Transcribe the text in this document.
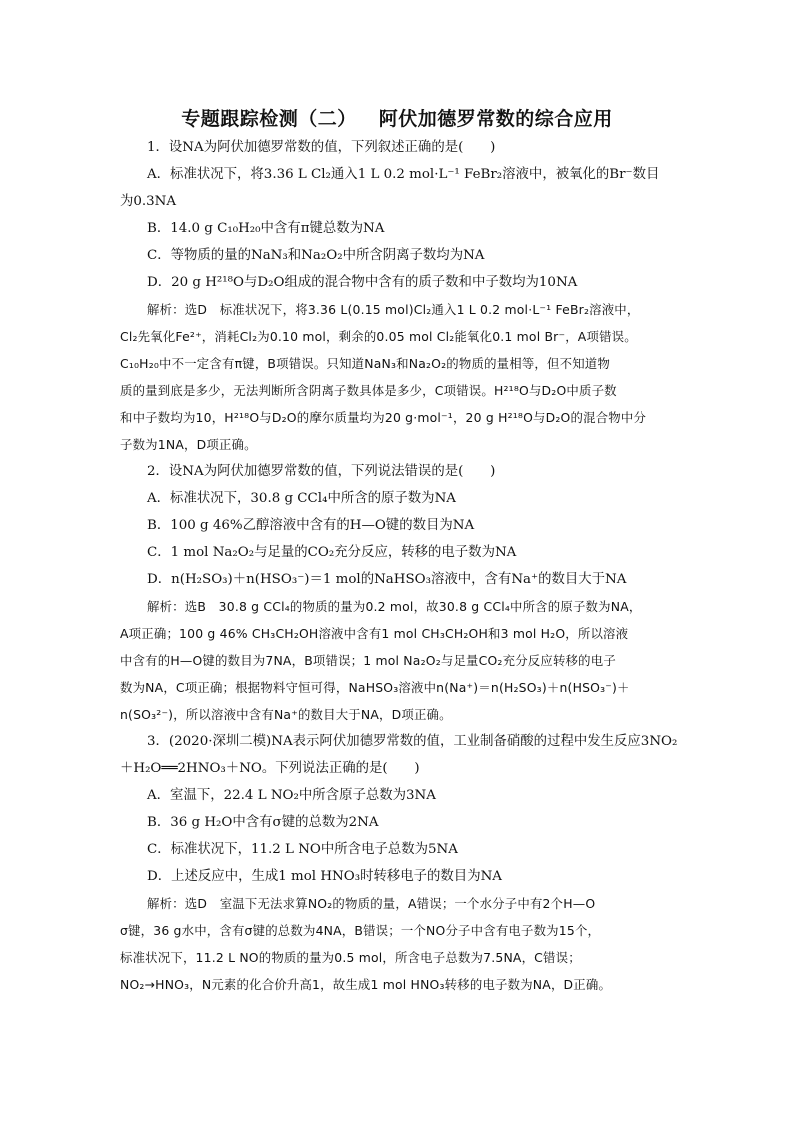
专题跟踪检测（二） 阿伏加德罗常数的综合应用
1．设NA为阿伏加德罗常数的值，下列叙述正确的是(　　)
A．标准状况下，将3.36 L Cl₂通入1 L 0.2 mol·L⁻¹ FeBr₂溶液中，被氧化的Br⁻数目
为0.3NA
B．14.0 g C₁₀H₂₀中含有π键总数为NA
C．等物质的量的NaN₃和Na₂O₂中所含阴离子数均为NA
D．20 g H²¹⁸O与D₂O组成的混合物中含有的质子数和中子数均为10NA
解析：选D　标准状况下，将3.36 L(0.15 mol)Cl₂通入1 L 0.2 mol·L⁻¹ FeBr₂溶液中，
Cl₂先氧化Fe²⁺，消耗Cl₂为0.10 mol，剩余的0.05 mol Cl₂能氧化0.1 mol Br⁻，A项错误。
C₁₀H₂₀中不一定含有π键，B项错误。只知道NaN₃和Na₂O₂的物质的量相等，但不知道物
质的量到底是多少，无法判断所含阴离子数具体是多少，C项错误。H²¹⁸O与D₂O中质子数
和中子数均为10，H²¹⁸O与D₂O的摩尔质量均为20 g·mol⁻¹，20 g H²¹⁸O与D₂O的混合物中分
子数为1NA，D项正确。
2．设NA为阿伏加德罗常数的值，下列说法错误的是(　　)
A．标准状况下，30.8 g CCl₄中所含的原子数为NA
B．100 g 46%乙醇溶液中含有的H—O键的数目为NA
C．1 mol Na₂O₂与足量的CO₂充分反应，转移的电子数为NA
D．n(H₂SO₃)＋n(HSO₃⁻)＝1 mol的NaHSO₃溶液中，含有Na⁺的数目大于NA
解析：选B　30.8 g CCl₄的物质的量为0.2 mol，故30.8 g CCl₄中所含的原子数为NA，
A项正确；100 g 46% CH₃CH₂OH溶液中含有1 mol CH₃CH₂OH和3 mol H₂O，所以溶液
中含有的H—O键的数目为7NA，B项错误；1 mol Na₂O₂与足量CO₂充分反应转移的电子
数为NA，C项正确；根据物料守恒可得，NaHSO₃溶液中n(Na⁺)＝n(H₂SO₃)＋n(HSO₃⁻)＋
n(SO₃²⁻)，所以溶液中含有Na⁺的数目大于NA，D项正确。
3．(2020·深圳二模)NA表示阿伏加德罗常数的值，工业制备硝酸的过程中发生反应3NO₂
＋H₂O══2HNO₃＋NO。下列说法正确的是(　　)
A．室温下，22.4 L NO₂中所含原子总数为3NA
B．36 g H₂O中含有σ键的总数为2NA
C．标准状况下，11.2 L NO中所含电子总数为5NA
D．上述反应中，生成1 mol HNO₃时转移电子的数目为NA
解析：选D　室温下无法求算NO₂的物质的量，A错误；一个水分子中有2个H—O
σ键，36 g水中，含有σ键的总数为4NA，B错误；一个NO分子中含有电子数为15个，
标准状况下，11.2 L NO的物质的量为0.5 mol，所含电子总数为7.5NA，C错误；
NO₂→HNO₃，N元素的化合价升高1，故生成1 mol HNO₃转移的电子数为NA，D正确。
